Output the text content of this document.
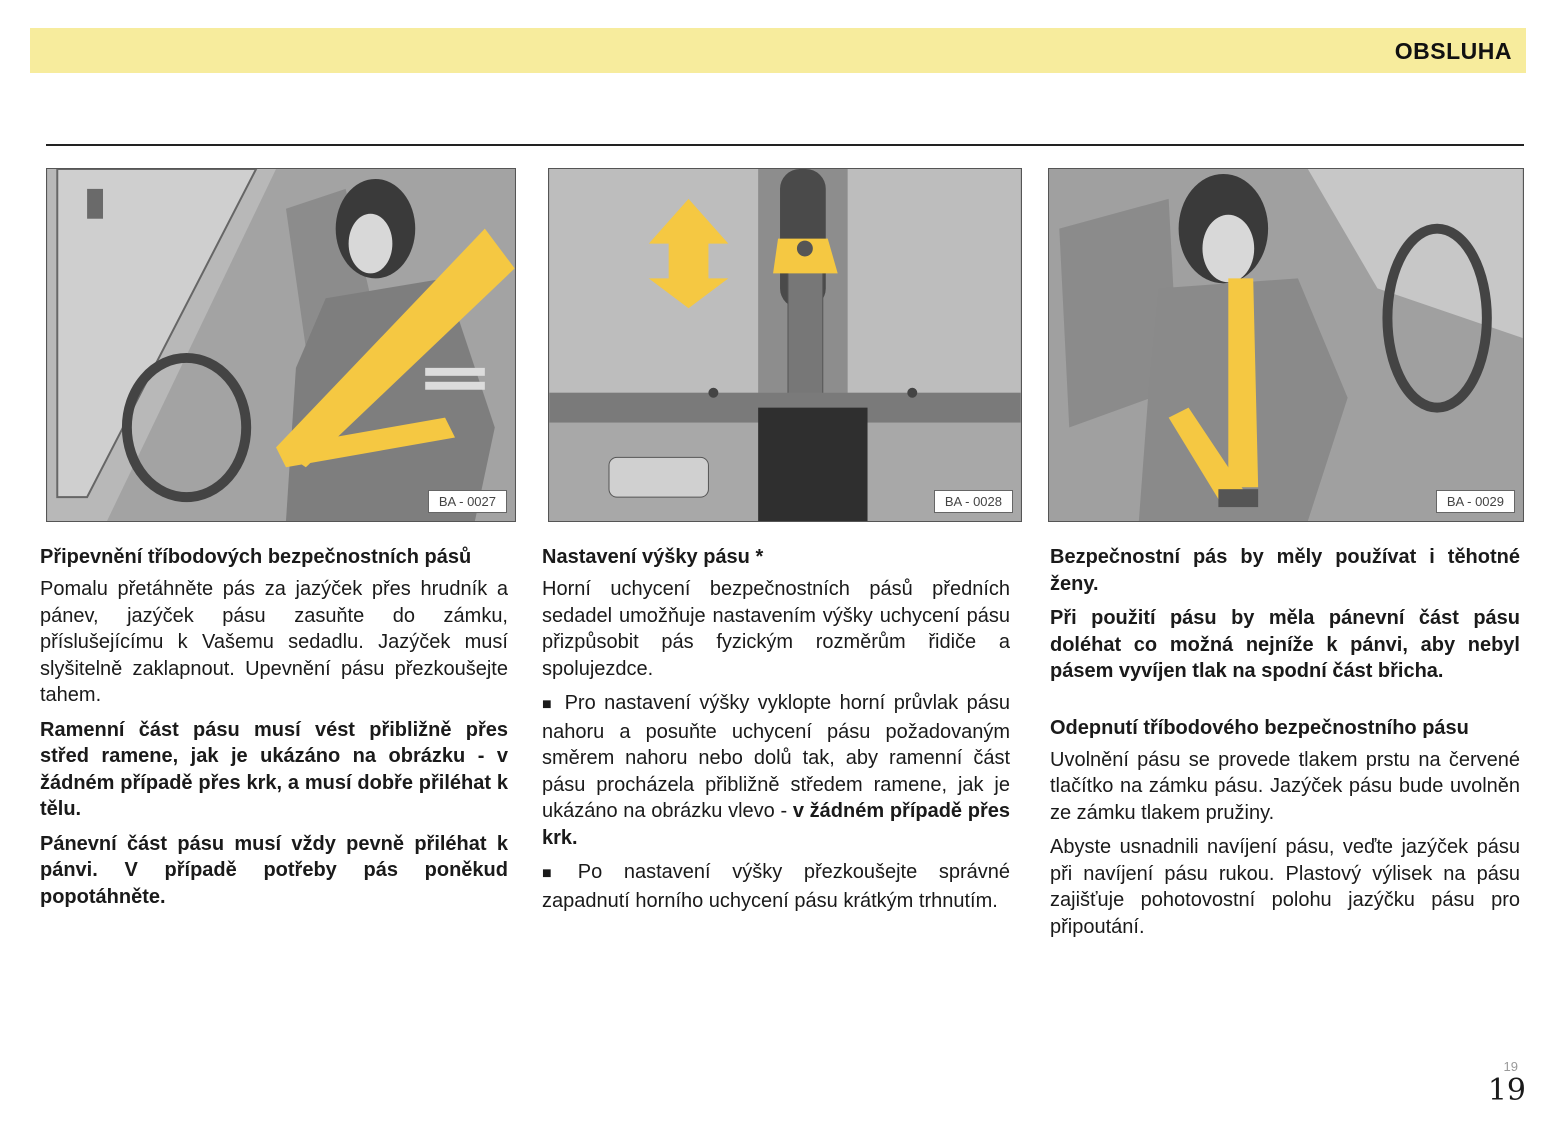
OBSLUHA
BA - 0027	BA - 0028	BA - 0029
Připevnění tříbodových bezpečnostních pásů

Pomalu přetáhněte pás za jazýček přes hrudník a pánev, jazýček pásu zasuňte do zámku, příslušejícímu k Vašemu sedadlu. Jazýček musí slyšitelně zaklapnout. Upevnění pásu přezkoušejte tahem.

Ramenní část pásu musí vést přibližně přes střed ramene, jak je ukázáno na obrázku - v žádném případě přes krk, a musí dobře přiléhat k tělu.

Pánevní část pásu musí vždy pevně přiléhat k pánvi. V případě potřeby pás poněkud popotáhněte.

Nastavení výšky pásu *

Horní uchycení bezpečnostních pásů předních sedadel umožňuje nastavením výšky uchycení pásu přizpůsobit pás fyzickým rozměrům řidiče a spolujezdce.

■ Pro nastavení výšky vyklopte horní průvlak pásu nahoru a posuňte uchycení pásu požadovaným směrem nahoru nebo dolů tak, aby ramenní část pásu procházela přibližně středem ramene, jak je ukázáno na obrázku vlevo - v žádném případě přes krk.

■ Po nastavení výšky přezkoušejte správné zapadnutí horního uchycení pásu krátkým trhnutím.

Bezpečnostní pás by měly používat i těhotné ženy.

Při použití pásu by měla pánevní část pásu doléhat co možná nejníže k pánvi, aby nebyl pásem vyvíjen tlak na spodní část břicha.

Odepnutí tříbodového bezpečnostního pásu

Uvolnění pásu se provede tlakem prstu na červené tlačítko na zámku pásu. Jazýček pásu bude uvolněn ze zámku tlakem pružiny.

Abyste usnadnili navíjení pásu, veďte jazýček pásu při navíjení pásu rukou. Plastový výlisek na pásu zajišťuje pohotovostní polohu jazýčku pásu pro připoutání.

19
19
